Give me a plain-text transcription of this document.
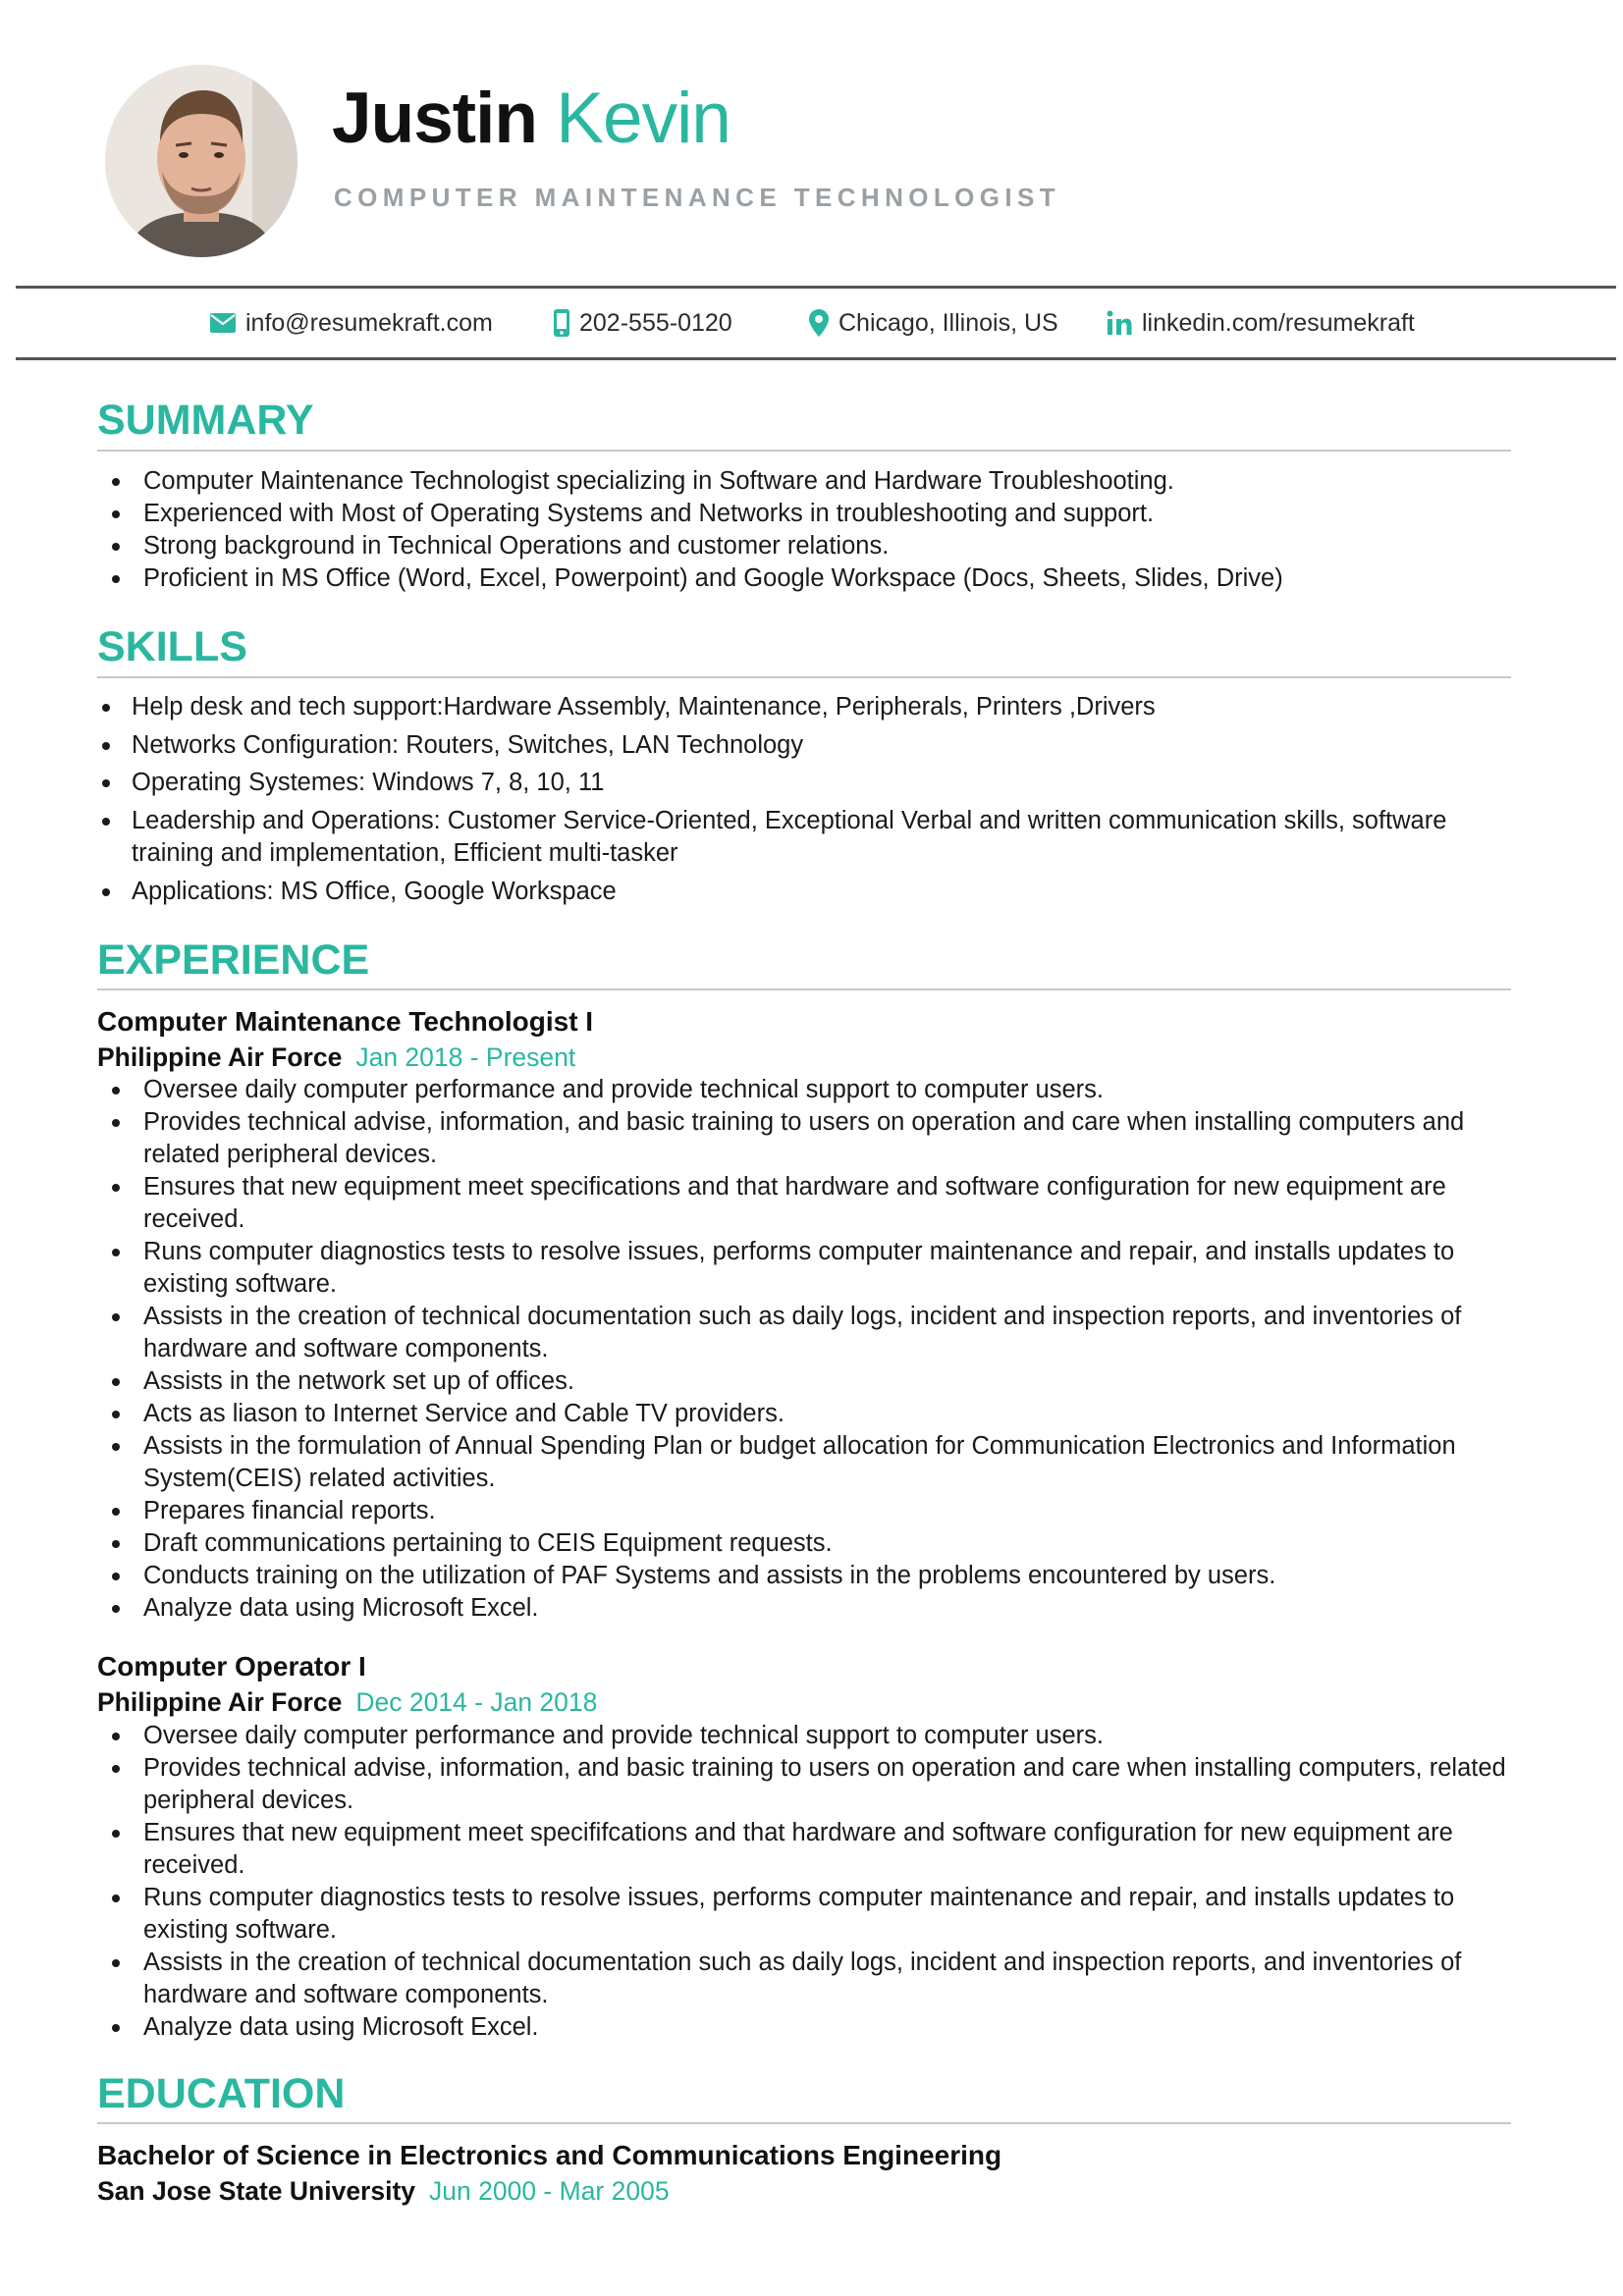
Justin Kevin
COMPUTER MAINTENANCE TECHNOLOGIST
info@resumekraft.com	202-555-0120	Chicago, Illinois, US	linkedin.com/resumekraft
SUMMARY
Computer Maintenance Technologist specializing in Software and Hardware Troubleshooting.
Experienced with Most of Operating Systems and Networks in troubleshooting and support.
Strong background in Technical Operations and customer relations.
Proficient in MS Office (Word, Excel, Powerpoint) and Google Workspace (Docs, Sheets, Slides, Drive)
SKILLS
Help desk and tech support:Hardware Assembly, Maintenance, Peripherals, Printers ,Drivers
Networks Configuration: Routers, Switches, LAN Technology
Operating Systemes: Windows 7, 8, 10, 11
Leadership and Operations: Customer Service-Oriented, Exceptional Verbal and written communication skills, software training and implementation, Efficient multi-tasker
Applications: MS Office, Google Workspace
EXPERIENCE
Computer Maintenance Technologist I
Philippine Air Force Jan 2018 - Present
Oversee daily computer performance and provide technical support to computer users.
Provides technical advise, information, and basic training to users on operation and care when installing computers and related peripheral devices.
Ensures that new equipment meet specifications and that hardware and software configuration for new equipment are received.
Runs computer diagnostics tests to resolve issues, performs computer maintenance and repair, and installs updates to existing software.
Assists in the creation of technical documentation such as daily logs, incident and inspection reports, and inventories of hardware and software components.
Assists in the network set up of offices.
Acts as liason to Internet Service and Cable TV providers.
Assists in the formulation of Annual Spending Plan or budget allocation for Communication Electronics and Information System(CEIS) related activities.
Prepares financial reports.
Draft communications pertaining to CEIS Equipment requests.
Conducts training on the utilization of PAF Systems and assists in the problems encountered by users.
Analyze data using Microsoft Excel.
Computer Operator I
Philippine Air Force Dec 2014 - Jan 2018
Oversee daily computer performance and provide technical support to computer users.
Provides technical advise, information, and basic training to users on operation and care when installing computers, related peripheral devices.
Ensures that new equipment meet specififcations and that hardware and software configuration for new equipment are received.
Runs computer diagnostics tests to resolve issues, performs computer maintenance and repair, and installs updates to existing software.
Assists in the creation of technical documentation such as daily logs, incident and inspection reports, and inventories of hardware and software components.
Analyze data using Microsoft Excel.
EDUCATION
Bachelor of Science in Electronics and Communications Engineering
San Jose State University Jun 2000 - Mar 2005
